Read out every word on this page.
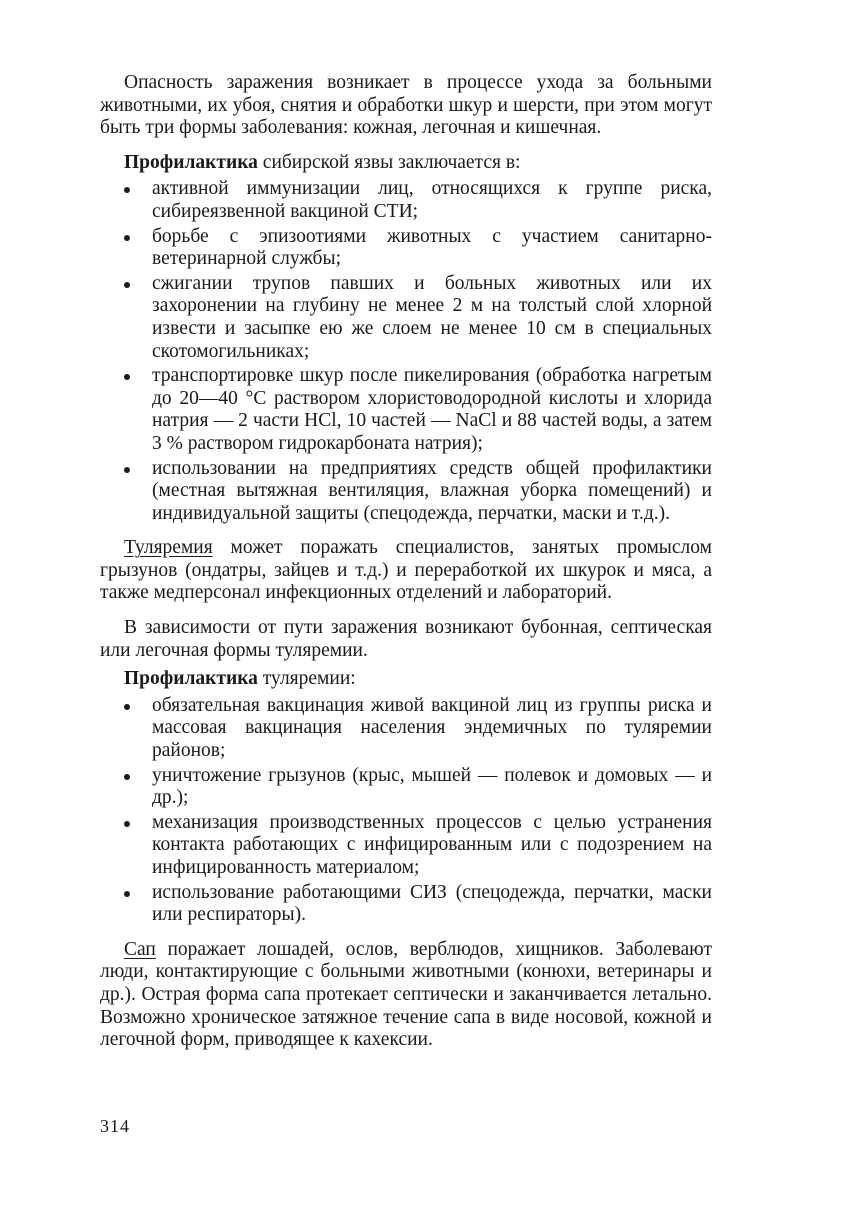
Опасность заражения возникает в процессе ухода за больными животными, их убоя, снятия и обработки шкур и шерсти, при этом могут быть три формы заболевания: кожная, легочная и кишечная.

Профилактика сибирской язвы заключается в:

активной иммунизации лиц, относящихся к группе риска, сибиреязвенной вакциной СТИ;
борьбе с эпизоотиями животных с участием санитарно-ветеринарной службы;
сжигании трупов павших и больных животных или их захоронении на глубину не менее 2 м на толстый слой хлорной извести и засыпке ею же слоем не менее 10 см в специальных скотомогильниках;
транспортировке шкур после пикелирования (обработка нагретым до 20—40 °С раствором хлористоводородной кислоты и хлорида натрия — 2 части HCl, 10 частей — NaCl и 88 частей воды, а затем 3 % раствором гидрокарбоната натрия);
использовании на предприятиях средств общей профилактики (местная вытяжная вентиляция, влажная уборка помещений) и индивидуальной защиты (спецодежда, перчатки, маски и т.д.).

Туляремия может поражать специалистов, занятых промыслом грызунов (ондатры, зайцев и т.д.) и переработкой их шкурок и мяса, а также медперсонал инфекционных отделений и лабораторий.

В зависимости от пути заражения возникают бубонная, септическая или легочная формы туляремии.

Профилактика туляремии:

обязательная вакцинация живой вакциной лиц из группы риска и массовая вакцинация населения эндемичных по туляремии районов;
уничтожение грызунов (крыс, мышей — полевок и домовых — и др.);
механизация производственных процессов с целью устранения контакта работающих с инфицированным или с подозрением на инфицированность материалом;
использование работающими СИЗ (спецодежда, перчатки, маски или респираторы).

Сап поражает лошадей, ослов, верблюдов, хищников. Заболевают люди, контактирующие с больными животными (конюхи, ветеринары и др.). Острая форма сапа протекает септически и заканчивается летально. Возможно хроническое затяжное течение сапа в виде носовой, кожной и легочной форм, приводящее к кахексии.

314
